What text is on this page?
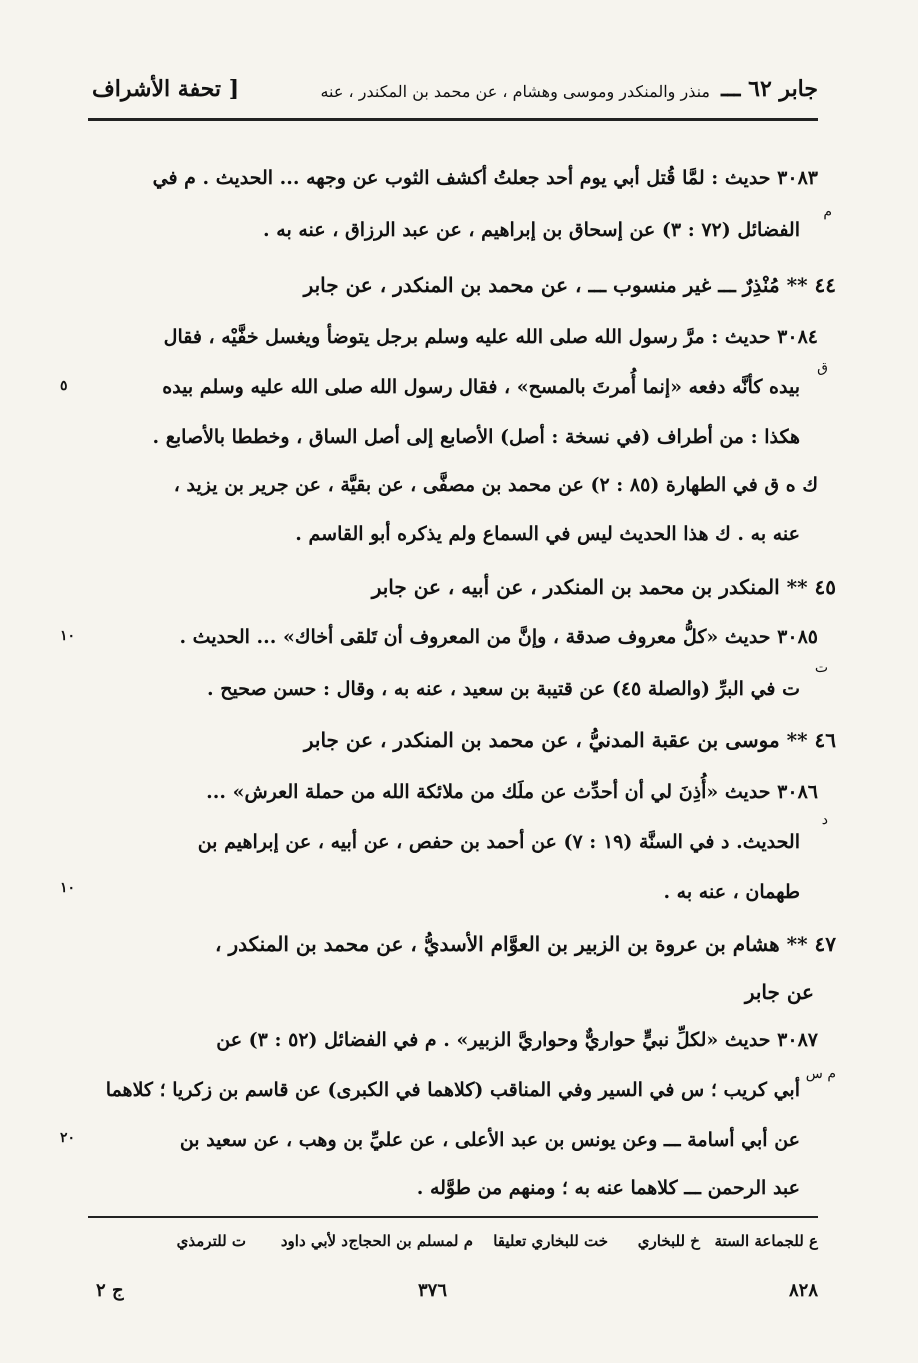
جابر ٦٢ ـــ
منذر والمنكدر وموسى وهشام ، عن محمد بن المكندر ، عنه
[ تحفة الأشراف
٣٠٨٣ حديث : لمَّا قُتل أبي يوم أحد جعلتُ أكشف الثوب عن وجهه ... الحديث . م في
م
الفضائل (٧٢ : ٣) عن إسحاق بن إبراهيم ، عن عبد الرزاق ، عنه به .
٤٤ ** مُنْذِرٌ ـــ غير منسوب ـــ ، عن محمد بن المنكدر ، عن جابر
٣٠٨٤ حديث : مرَّ رسول الله صلى الله عليه وسلم برجل يتوضأ ويغسل خفَّيْه ، فقال
ق
بيده كأنَّه دفعه «إنما أُمرتَ بالمسح» ، فقال رسول الله صلى الله عليه وسلم بيده
٥
هكذا : من أطراف (في نسخة : أصل) الأصابع إلى أصل الساق ، وخططا بالأصابع .
ك ه ق في الطهارة (٨٥ : ٢) عن محمد بن مصفَّى ، عن بقيَّة ، عن جرير بن يزيد ،
عنه به . ك هذا الحديث ليس في السماع ولم يذكره أبو القاسم .
٤٥ ** المنكدر بن محمد بن المنكدر ، عن أبيه ، عن جابر
٣٠٨٥ حديث «كلُّ معروف صدقة ، وإنَّ من المعروف أن تَلقى أخاك» ... الحديث .
١٠
ت
ت في البرِّ (والصلة ٤٥) عن قتيبة بن سعيد ، عنه به ، وقال : حسن صحيح .
٤٦ ** موسى بن عقبة المدنيُّ ، عن محمد بن المنكدر ، عن جابر
٣٠٨٦ حديث «أُذِنَ لي أن أحدِّث عن ملَك من ملائكة الله من حملة العرش» ...
د
الحديث. د في السنَّة (١٩ : ٧) عن أحمد بن حفص ، عن أبيه ، عن إبراهيم بن
طهمان ، عنه به .
١٠
٤٧ ** هشام بن عروة بن الزبير بن العوَّام الأسديُّ ، عن محمد بن المنكدر ،
عن جابر
٣٠٨٧ حديث «لكلِّ نبيٍّ حواريٌّ وحواريَّ الزبير» . م في الفضائل (٥٢ : ٣) عن
م س
أبي كريب ؛ س في السير وفي المناقب (كلاهما في الكبرى) عن قاسم بن زكريا ؛ كلاهما
عن أبي أسامة ـــ وعن يونس بن عبد الأعلى ، عن عليِّ بن وهب ، عن سعيد بن
٢٠
عبد الرحمن ـــ كلاهما عنه به ؛ ومنهم من طوَّله .
ع للجماعة الستة
خ للبخاري
خت للبخاري تعليقا
م لمسلم بن الحجاج
د لأبي داود
ت للترمذي
ج ٢	٣٧٦	٨٢٨
